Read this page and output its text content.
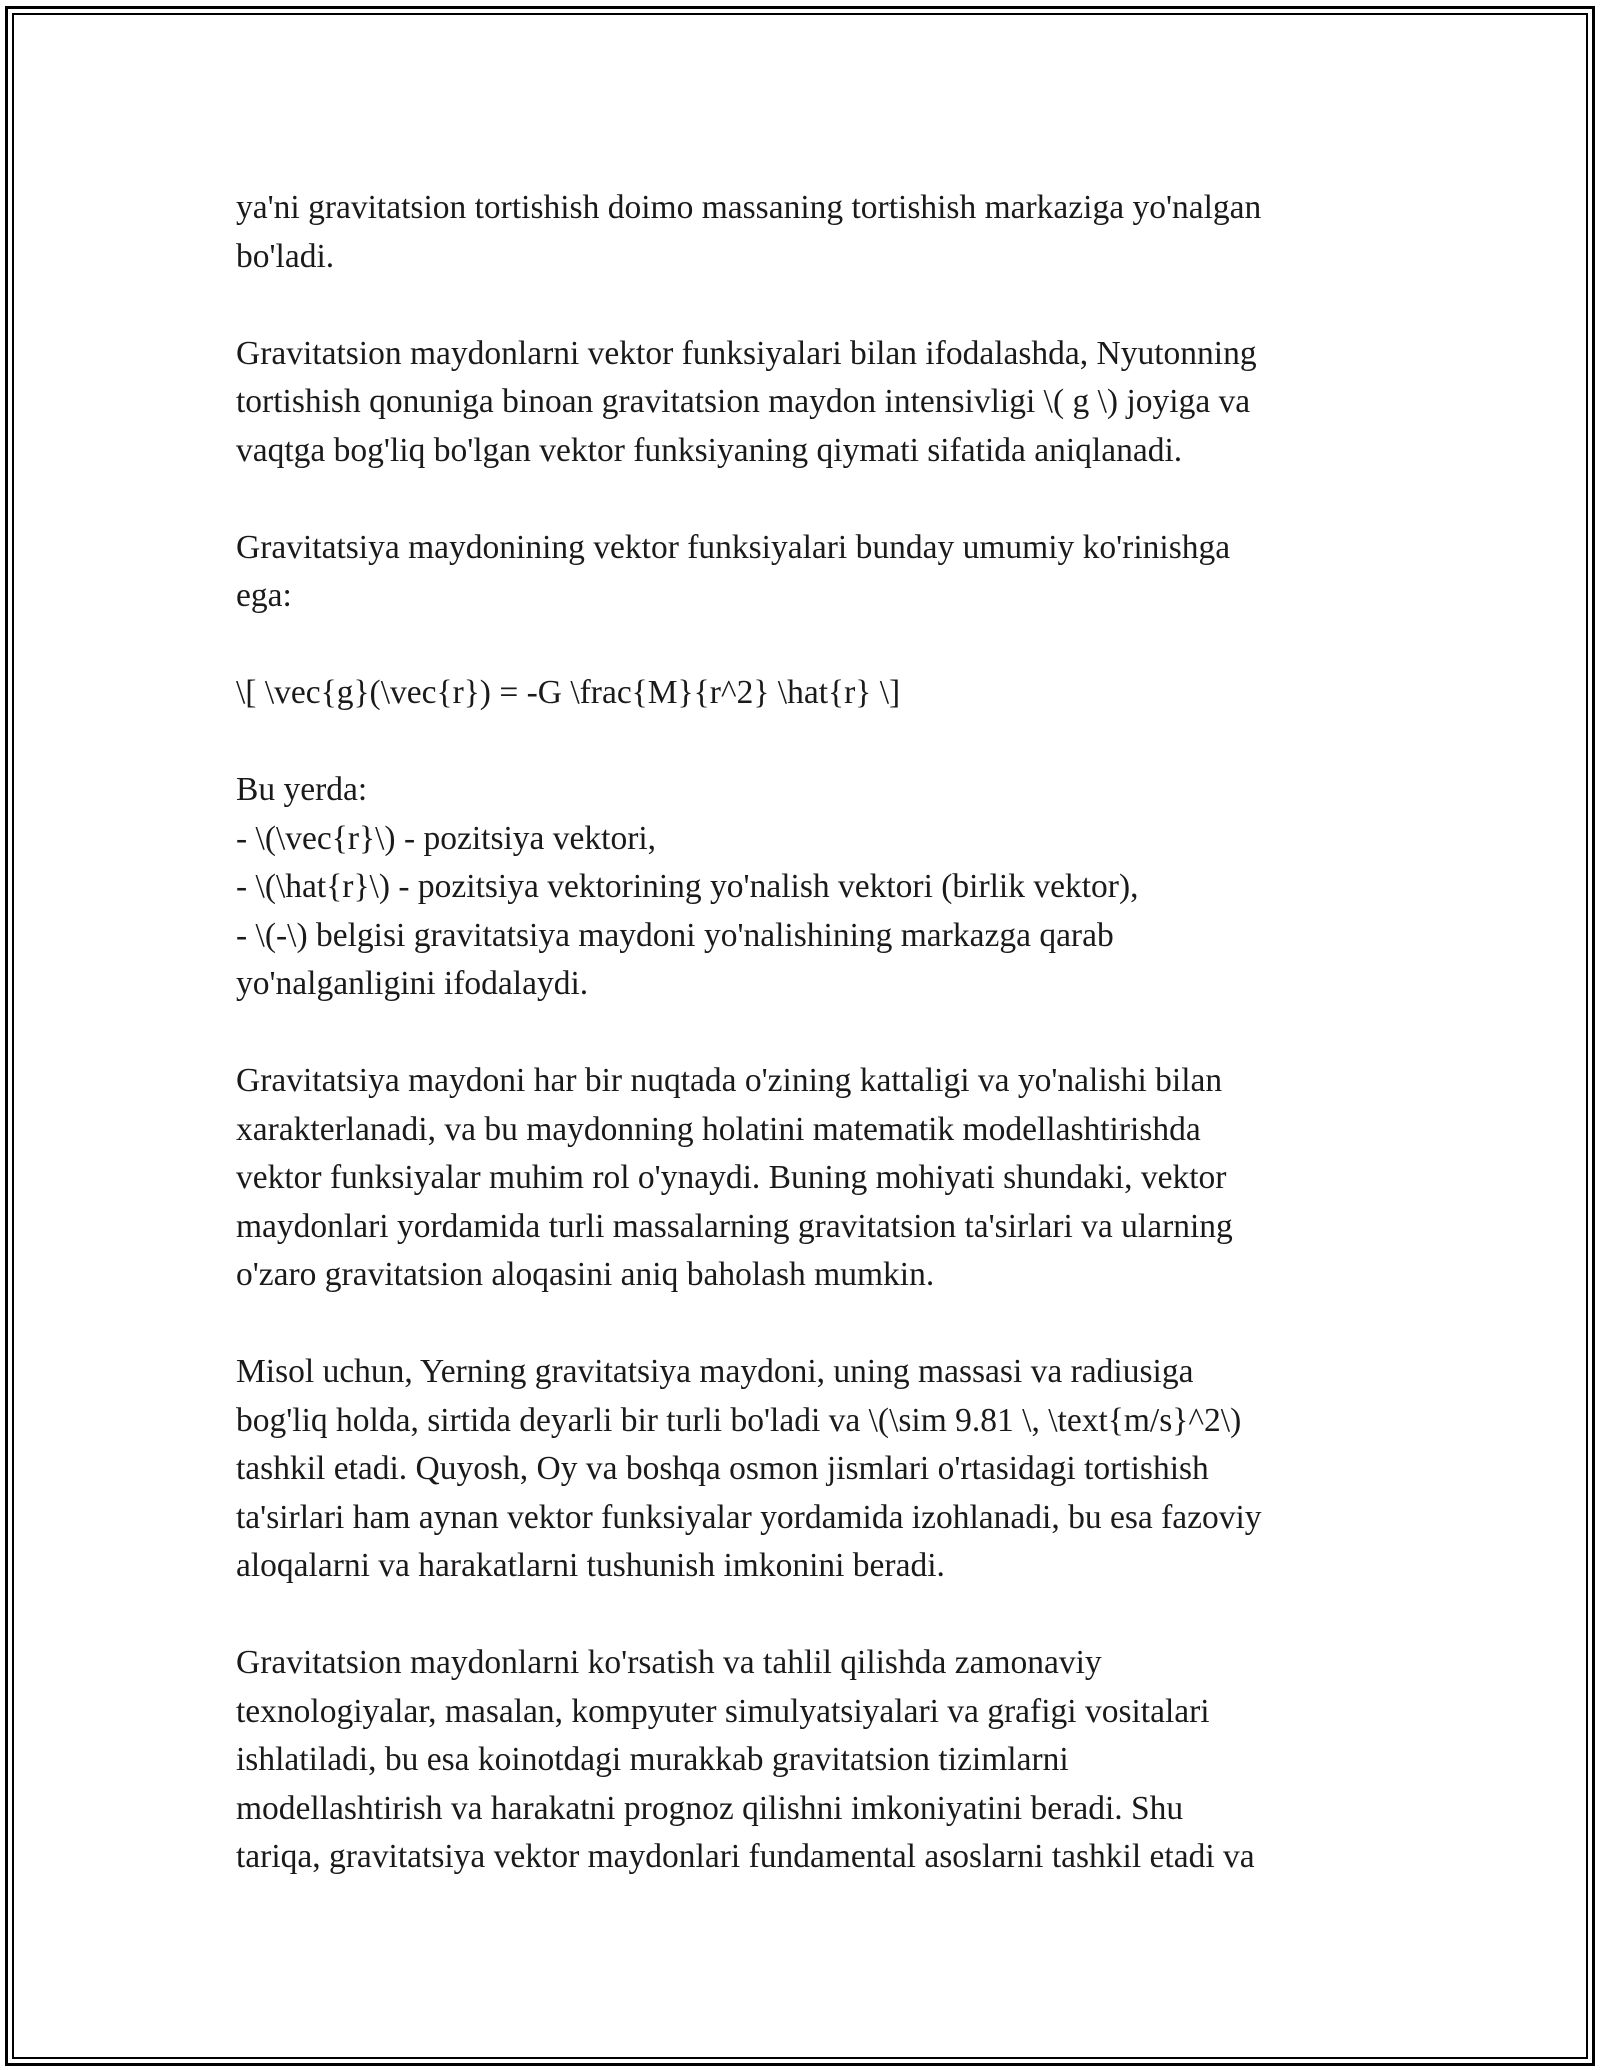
ya'ni gravitatsion tortishish doimo massaning tortishish markaziga yo'nalgan
bo'ladi.

Gravitatsion maydonlarni vektor funksiyalari bilan ifodalashda, Nyutonning
tortishish qonuniga binoan gravitatsion maydon intensivligi \( g \) joyiga va
vaqtga bog'liq bo'lgan vektor funksiyaning qiymati sifatida aniqlanadi.

Gravitatsiya maydonining vektor funksiyalari bunday umumiy ko'rinishga
ega:

\[ \vec{g}(\vec{r}) = -G \frac{M}{r^2} \hat{r} \]

Bu yerda:
- \(\vec{r}\) - pozitsiya vektori,
- \(\hat{r}\) - pozitsiya vektorining yo'nalish vektori (birlik vektor),
- \(-\) belgisi gravitatsiya maydoni yo'nalishining markazga qarab
yo'nalganligini ifodalaydi.

Gravitatsiya maydoni har bir nuqtada o'zining kattaligi va yo'nalishi bilan
xarakterlanadi, va bu maydonning holatini matematik modellashtirishda
vektor funksiyalar muhim rol o'ynaydi. Buning mohiyati shundaki, vektor
maydonlari yordamida turli massalarning gravitatsion ta'sirlari va ularning
o'zaro gravitatsion aloqasini aniq baholash mumkin.

Misol uchun, Yerning gravitatsiya maydoni, uning massasi va radiusiga
bog'liq holda, sirtida deyarli bir turli bo'ladi va \(\sim 9.81 \, \text{m/s}^2\)
tashkil etadi. Quyosh, Oy va boshqa osmon jismlari o'rtasidagi tortishish
ta'sirlari ham aynan vektor funksiyalar yordamida izohlanadi, bu esa fazoviy
aloqalarni va harakatlarni tushunish imkonini beradi.

Gravitatsion maydonlarni ko'rsatish va tahlil qilishda zamonaviy
texnologiyalar, masalan, kompyuter simulyatsiyalari va grafigi vositalari
ishlatiladi, bu esa koinotdagi murakkab gravitatsion tizimlarni
modellashtirish va harakatni prognoz qilishni imkoniyatini beradi. Shu
tariqa, gravitatsiya vektor maydonlari fundamental asoslarni tashkil etadi va
